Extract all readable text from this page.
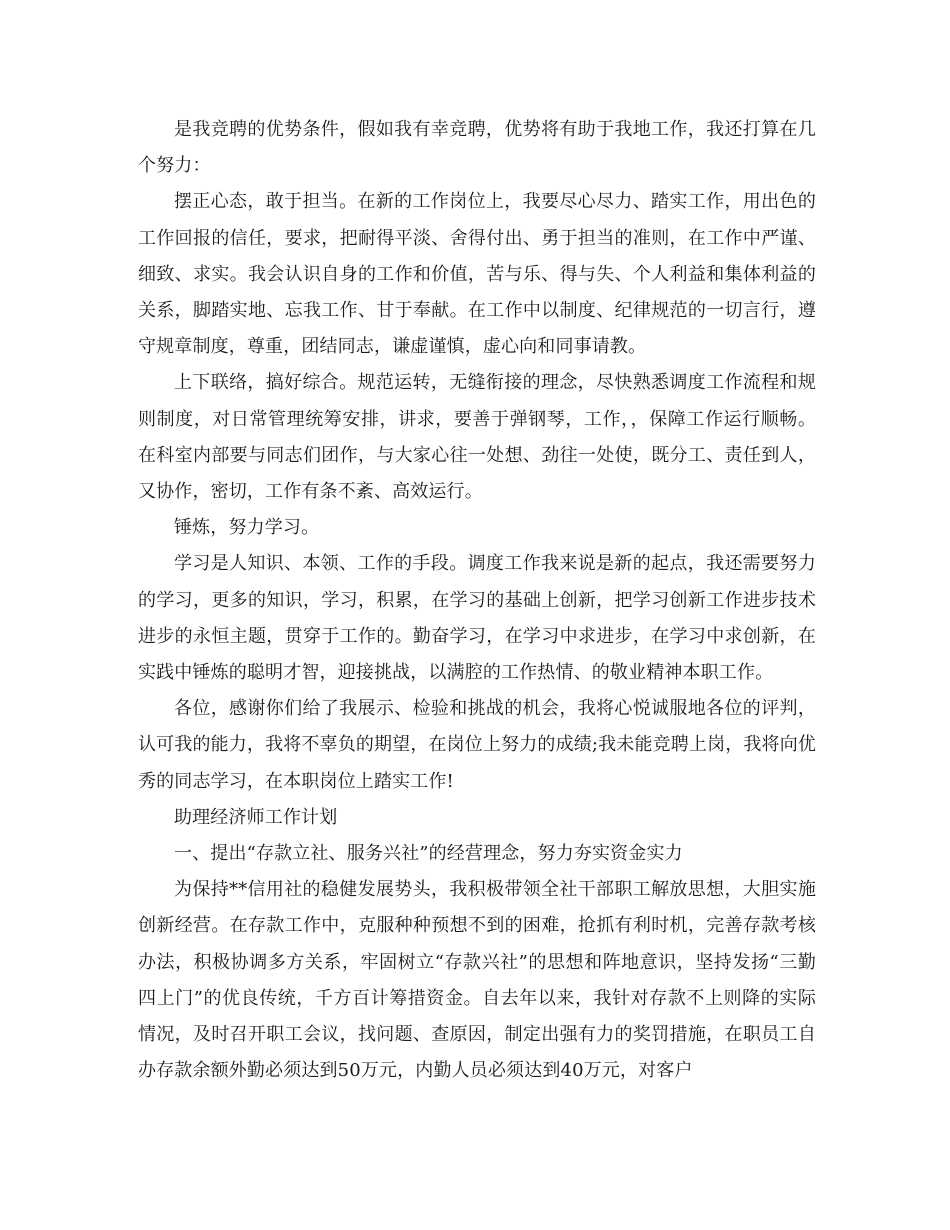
是我竞聘的优势条件，假如我有幸竞聘，优势将有助于我地工作，我还打算在几个努力：

摆正心态，敢于担当。在新的工作岗位上，我要尽心尽力、踏实工作，用出色的工作回报的信任，要求，把耐得平淡、舍得付出、勇于担当的准则，在工作中严谨、细致、求实。我会认识自身的工作和价值，苦与乐、得与失、个人利益和集体利益的关系，脚踏实地、忘我工作、甘于奉献。在工作中以制度、纪律规范的一切言行，遵守规章制度，尊重，团结同志，谦虚谨慎，虚心向和同事请教。

上下联络，搞好综合。规范运转，无缝衔接的理念，尽快熟悉调度工作流程和规则制度，对日常管理统筹安排，讲求，要善于弹钢琴，工作，，保障工作运行顺畅。在科室内部要与同志们团作，与大家心往一处想、劲往一处使，既分工、责任到人，又协作，密切，工作有条不紊、高效运行。

锤炼，努力学习。

学习是人知识、本领、工作的手段。调度工作我来说是新的起点，我还需要努力的学习，更多的知识，学习，积累，在学习的基础上创新，把学习创新工作进步技术进步的永恒主题，贯穿于工作的。勤奋学习，在学习中求进步，在学习中求创新，在实践中锤炼的聪明才智，迎接挑战，以满腔的工作热情、的敬业精神本职工作。

各位，感谢你们给了我展示、检验和挑战的机会，我将心悦诚服地各位的评判，认可我的能力，我将不辜负的期望，在岗位上努力的成绩;我未能竞聘上岗，我将向优秀的同志学习，在本职岗位上踏实工作!

助理经济师工作计划

一、提出“存款立社、服务兴社”的经营理念，努力夯实资金实力

为保持**信用社的稳健发展势头，我积极带领全社干部职工解放思想，大胆实施创新经营。在存款工作中，克服种种预想不到的困难，抢抓有利时机，完善存款考核办法，积极协调多方关系，牢固树立“存款兴社”的思想和阵地意识，坚持发扬“三勤四上门”的优良传统，千方百计筹措资金。自去年以来，我针对存款不上则降的实际情况，及时召开职工会议，找问题、查原因，制定出强有力的奖罚措施，在职员工自办存款余额外勤必须达到50万元，内勤人员必须达到40万元，对客户
